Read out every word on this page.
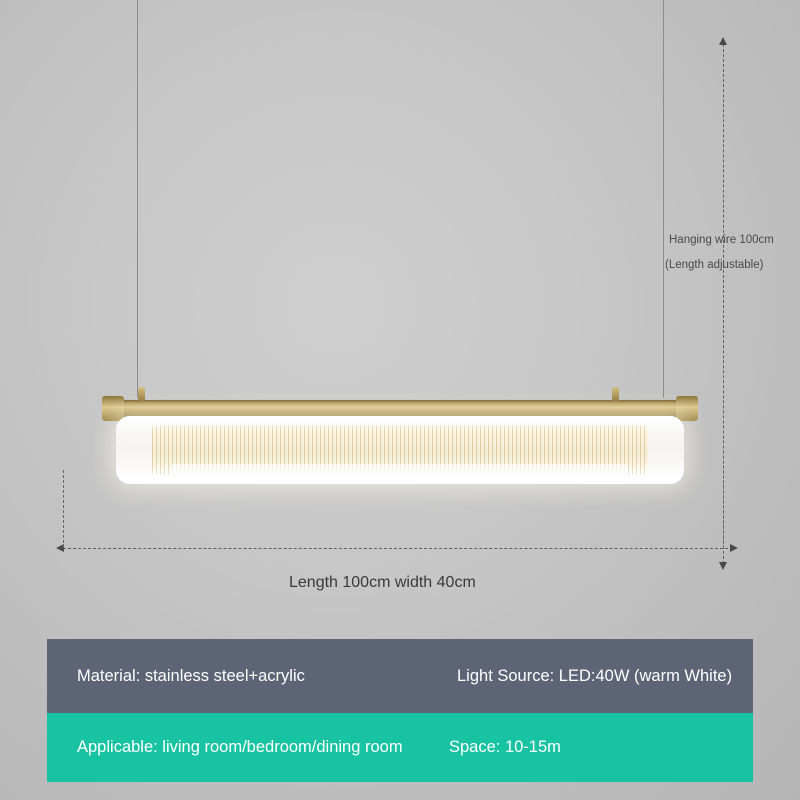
Hanging wire 100cm
(Length adjustable)
Length 100cm width 40cm
Material: stainless steel+acrylic	Light Source: LED:40W (warm White)
Applicable: living room/bedroom/dining room	Space: 10-15m
